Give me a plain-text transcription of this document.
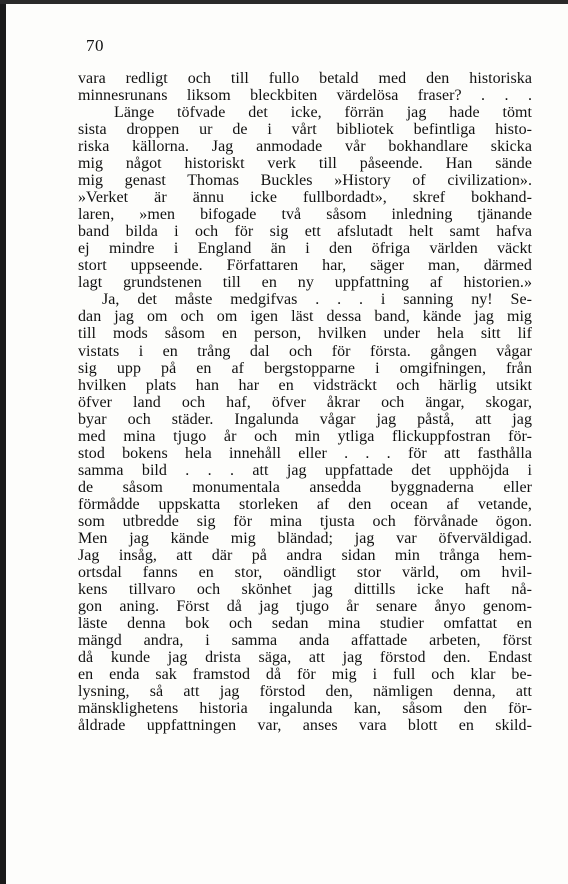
70
vara redligt och till fullo betald med den historiska
minnesrunans liksom bleckbiten värdelösa fraser? . . .
Länge töfvade det icke, förrän jag hade tömt
sista droppen ur de i vårt bibliotek befintliga histo-
riska källorna. Jag anmodade vår bokhandlare skicka
mig något historiskt verk till påseende. Han sände
mig genast Thomas Buckles »History of civilization».
»Verket är ännu icke fullbordadt», skref bokhand-
laren, »men bifogade två såsom inledning tjänande
band bilda i och för sig ett afslutadt helt samt hafva
ej mindre i England än i den öfriga världen väckt
stort uppseende. Författaren har, säger man, därmed
lagt grundstenen till en ny uppfattning af historien.»
Ja, det måste medgifvas . . . i sanning ny! Se-
dan jag om och om igen läst dessa band, kände jag mig
till mods såsom en person, hvilken under hela sitt lif
vistats i en trång dal och för första. gången vågar
sig upp på en af bergstopparne i omgifningen, från
hvilken plats han har en vidsträckt och härlig utsikt
öfver land och haf, öfver åkrar och ängar, skogar,
byar och städer. Ingalunda vågar jag påstå, att jag
med mina tjugo år och min ytliga flickuppfostran för-
stod bokens hela innehåll eller . . . för att fasthålla
samma bild . . . att jag uppfattade det upphöjda i
de såsom monumentala ansedda byggnaderna eller
förmådde uppskatta storleken af den ocean af vetande,
som utbredde sig för mina tjusta och förvånade ögon.
Men jag kände mig bländad; jag var öfverväldigad.
Jag insåg, att där på andra sidan min trånga hem-
ortsdal fanns en stor, oändligt stor värld, om hvil-
kens tillvaro och skönhet jag dittills icke haft nå-
gon aning. Först då jag tjugo år senare ånyo genom-
läste denna bok och sedan mina studier omfattat en
mängd andra, i samma anda affattade arbeten, först
då kunde jag drista säga, att jag förstod den. Endast
en enda sak framstod då för mig i full och klar be-
lysning, så att jag förstod den, nämligen denna, att
mänsklighetens historia ingalunda kan, såsom den för-
åldrade uppfattningen var, anses vara blott en skild-
